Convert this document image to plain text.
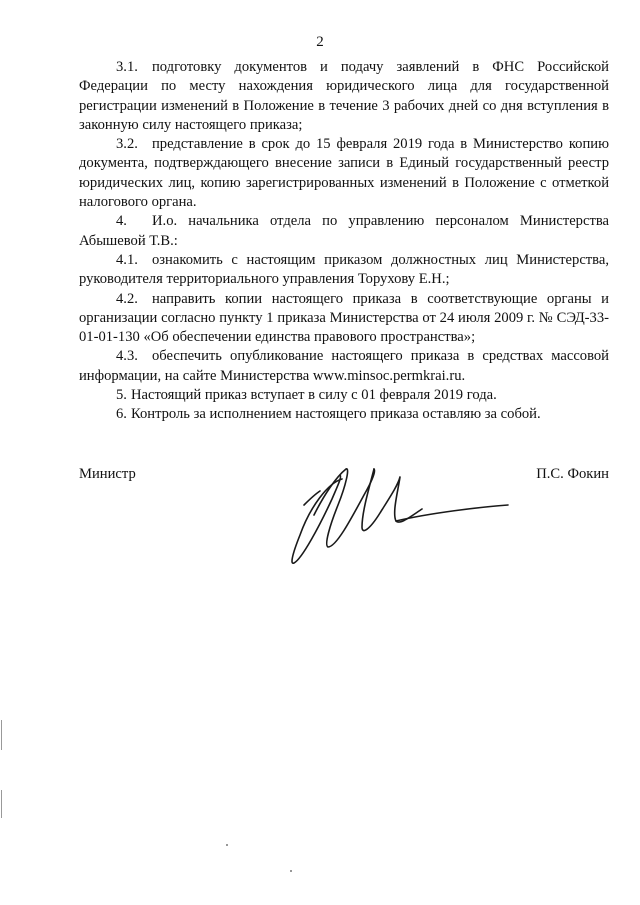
2

3.1. подготовку документов и подачу заявлений в ФНС Российской Федерации по месту нахождения юридического лица для государственной регистрации изменений в Положение в течение 3 рабочих дней со дня вступления в законную силу настоящего приказа;

3.2. представление в срок до 15 февраля 2019 года в Министерство копию документа, подтверждающего внесение записи в Единый государственный реестр юридических лиц, копию зарегистрированных изменений в Положение с отметкой налогового органа.

4. И.о. начальника отдела по управлению персоналом Министерства Абышевой Т.В.:

4.1. ознакомить с настоящим приказом должностных лиц Министерства, руководителя территориального управления Торухову Е.Н.;

4.2. направить копии настоящего приказа в соответствующие органы и организации согласно пункту 1 приказа Министерства от 24 июля 2009 г. № СЭД-33-01-01-130 «Об обеспечении единства правового пространства»;

4.3. обеспечить опубликование настоящего приказа в средствах массовой информации, на сайте Министерства www.minsoc.permkrai.ru.

5. Настоящий приказ вступает в силу с 01 февраля 2019 года.

6. Контроль за исполнением настоящего приказа оставляю за собой.

Министр	П.С. Фокин
